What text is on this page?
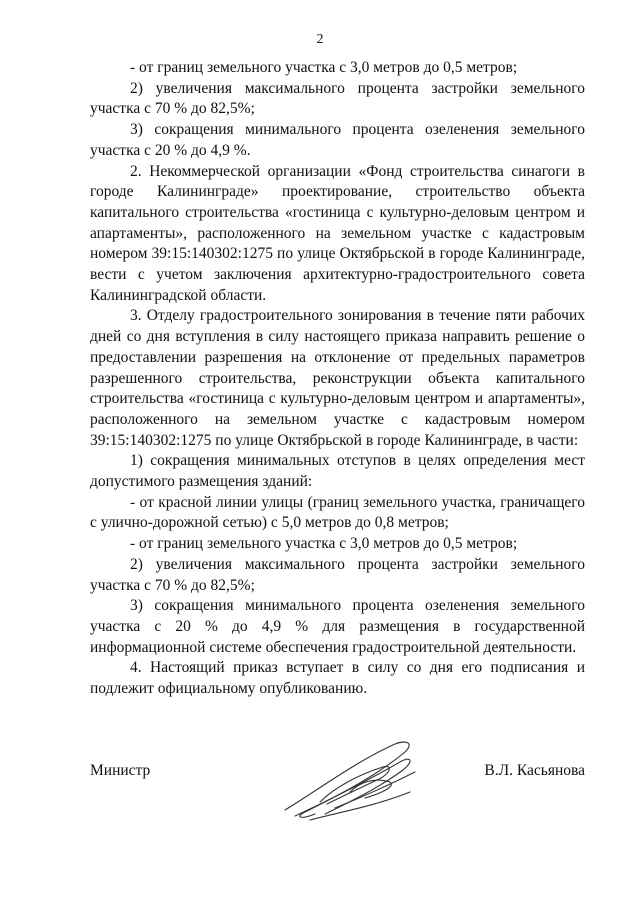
2

- от границ земельного участка с 3,0 метров до 0,5 метров;

2) увеличения максимального процента застройки земельного участка с 70 % до 82,5%;

3) сокращения минимального процента озеленения земельного участка с 20 % до 4,9 %.

2. Некоммерческой организации «Фонд строительства синагоги в городе Калининграде» проектирование, строительство объекта капитального строительства «гостиница с культурно-деловым центром и апартаменты», расположенного на земельном участке с кадастровым номером 39:15:140302:1275 по улице Октябрьской в городе Калининграде, вести с учетом заключения архитектурно-градостроительного совета Калининградской области.

3. Отделу градостроительного зонирования в течение пяти рабочих дней со дня вступления в силу настоящего приказа направить решение о предоставлении разрешения на отклонение от предельных параметров разрешенного строительства, реконструкции объекта капитального строительства «гостиница с культурно-деловым центром и апартаменты», расположенного на земельном участке с кадастровым номером 39:15:140302:1275 по улице Октябрьской в городе Калининграде, в части:

1) сокращения минимальных отступов в целях определения мест допустимого размещения зданий:

- от красной линии улицы (границ земельного участка, граничащего с улично-дорожной сетью) с 5,0 метров до 0,8 метров;

- от границ земельного участка с 3,0 метров до 0,5 метров;

2) увеличения максимального процента застройки земельного участка с 70 % до 82,5%;

3) сокращения минимального процента озеленения земельного участка с 20 % до 4,9 % для размещения в государственной информационной системе обеспечения градостроительной деятельности.

4. Настоящий приказ вступает в силу со дня его подписания и подлежит официальному опубликованию.

Министр	В.Л. Касьянова
